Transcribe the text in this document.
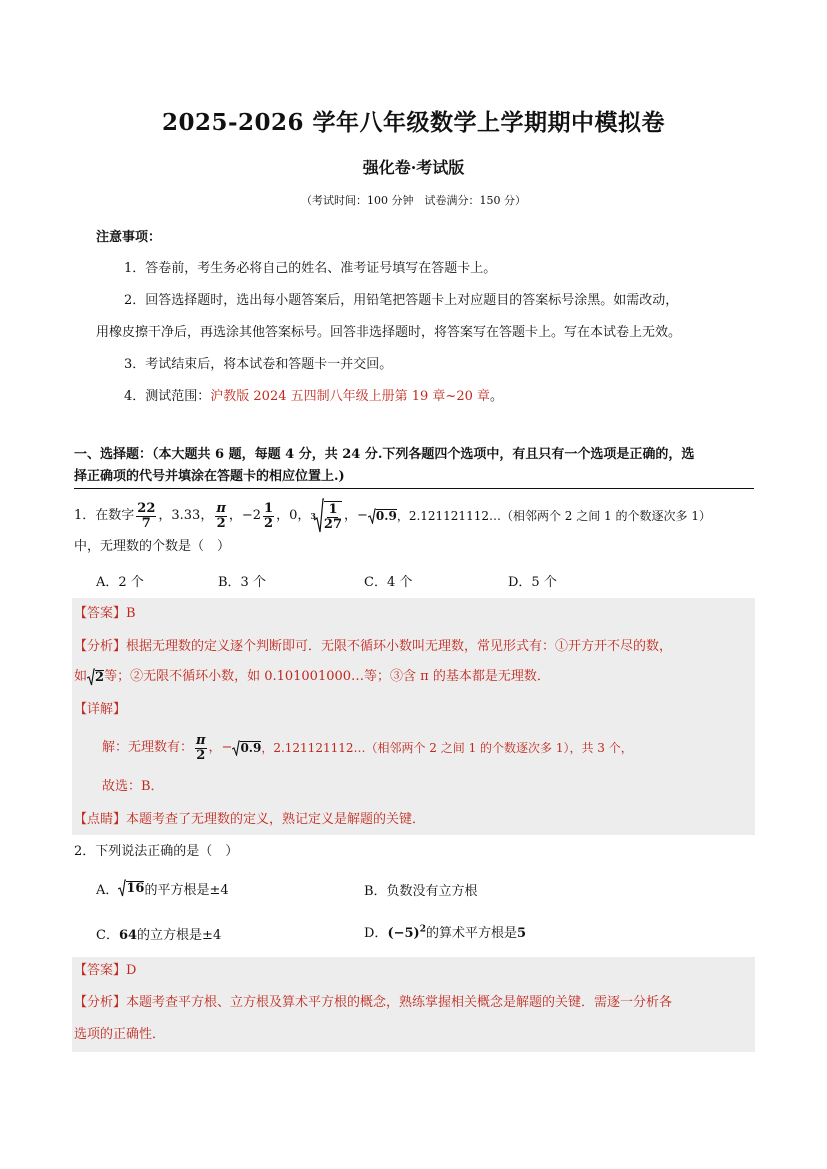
2025-2026 学年八年级数学上学期期中模拟卷
强化卷·考试版
（考试时间：100 分钟　试卷满分：150 分）
注意事项：
1．答卷前，考生务必将自己的姓名、准考证号填写在答题卡上。
2．回答选择题时，选出每小题答案后，用铅笔把答题卡上对应题目的答案标号涂黑。如需改动，
用橡皮擦干净后，再选涂其他答案标号。回答非选择题时，将答案写在答题卡上。写在本试卷上无效。
3．考试结束后，将本试卷和答题卡一并交回。
4．测试范围：沪教版 2024 五四制八年级上册第 19 章~20 章。
一、选择题：（本大题共 6 题，每题 4 分，共 24 分.下列各题四个选项中，有且只有一个选项是正确的，选
择正确项的代号并填涂在答题卡的相应位置上.)
1．在数字 $\frac{22}{7}$ ，3.33， $\frac{\pi}{2}$ ，$-2 \frac{1}{2}$ ，0， $3 \frac{1}{27}$ ，− 0.9 ，2.121121112…（相邻两个 2 之间 1 的个数逐次多 1）
中，无理数的个数是（　）
A．2 个	B．3 个	C．4 个	D．5 个
【答案】B
【分析】根据无理数的定义逐个判断即可．无限不循环小数叫无理数，常见形式有：①开方开不尽的数，
如 2 等；②无限不循环小数，如 0.101001000…等；③含 π 的基本都是无理数．
【详解】
解：无理数有： $\frac{\pi}{2}$ ，− 0.9 ，2.121121112…（相邻两个 2 之间 1 的个数逐次多 1），共 3 个，
故选：B．
【点睛】本题考查了无理数的定义，熟记定义是解题的关键．
2．下列说法正确的是（　）
A． 16 的平方根是±4	B．负数没有立方根
C．64的立方根是±4	D．$(-5)^2$的算术平方根是5
【答案】D
【分析】本题考查平方根、立方根及算术平方根的概念，熟练掌握相关概念是解题的关键．需逐一分析各
选项的正确性．
